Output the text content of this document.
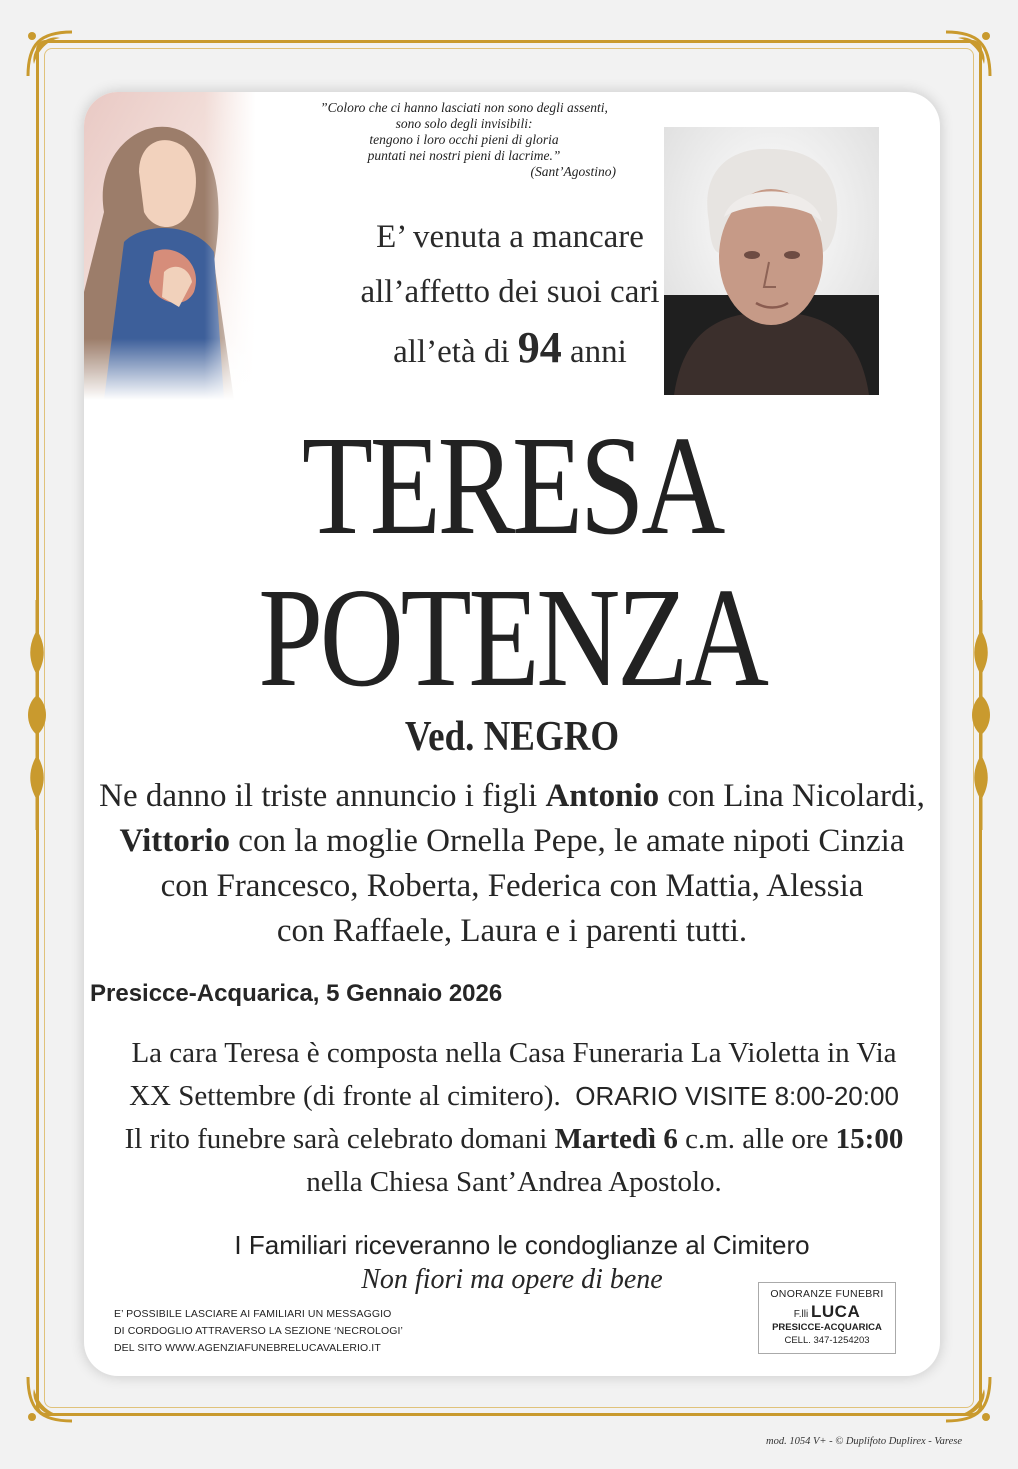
”Coloro che ci hanno lasciati non sono degli assenti,
sono solo degli invisibili:
tengono i loro occhi pieni di gloria
puntati nei nostri pieni di lacrime.”
(Sant’Agostino)
E’ venuta a mancare
all’affetto dei suoi cari
all’età di 94 anni
TERESA
POTENZA
Ved. NEGRO
Ne danno il triste annuncio i figli Antonio con Lina Nicolardi,
Vittorio con la moglie Ornella Pepe, le amate nipoti Cinzia
con Francesco, Roberta, Federica con Mattia, Alessia
con Raffaele, Laura e i parenti tutti.
Presicce-Acquarica, 5 Gennaio 2026
La cara Teresa è composta nella Casa Funeraria La Violetta in Via
XX Settembre (di fronte al cimitero). ORARIO VISITE 8:00-20:00
Il rito funebre sarà celebrato domani Martedì 6 c.m. alle ore 15:00
nella Chiesa Sant’Andrea Apostolo.
I Familiari riceveranno le condoglianze al Cimitero
Non fiori ma opere di bene
E’ POSSIBILE LASCIARE AI FAMILIARI UN MESSAGGIO
DI CORDOGLIO ATTRAVERSO LA SEZIONE ‘NECROLOGI’
DEL SITO WWW.AGENZIAFUNEBRELUCAVALERIO.IT
ONORANZE FUNEBRI
F.lli LUCA
PRESICCE-ACQUARICA
CELL. 347-1254203
mod. 1054 V+ - © Duplifoto Duplirex - Varese
